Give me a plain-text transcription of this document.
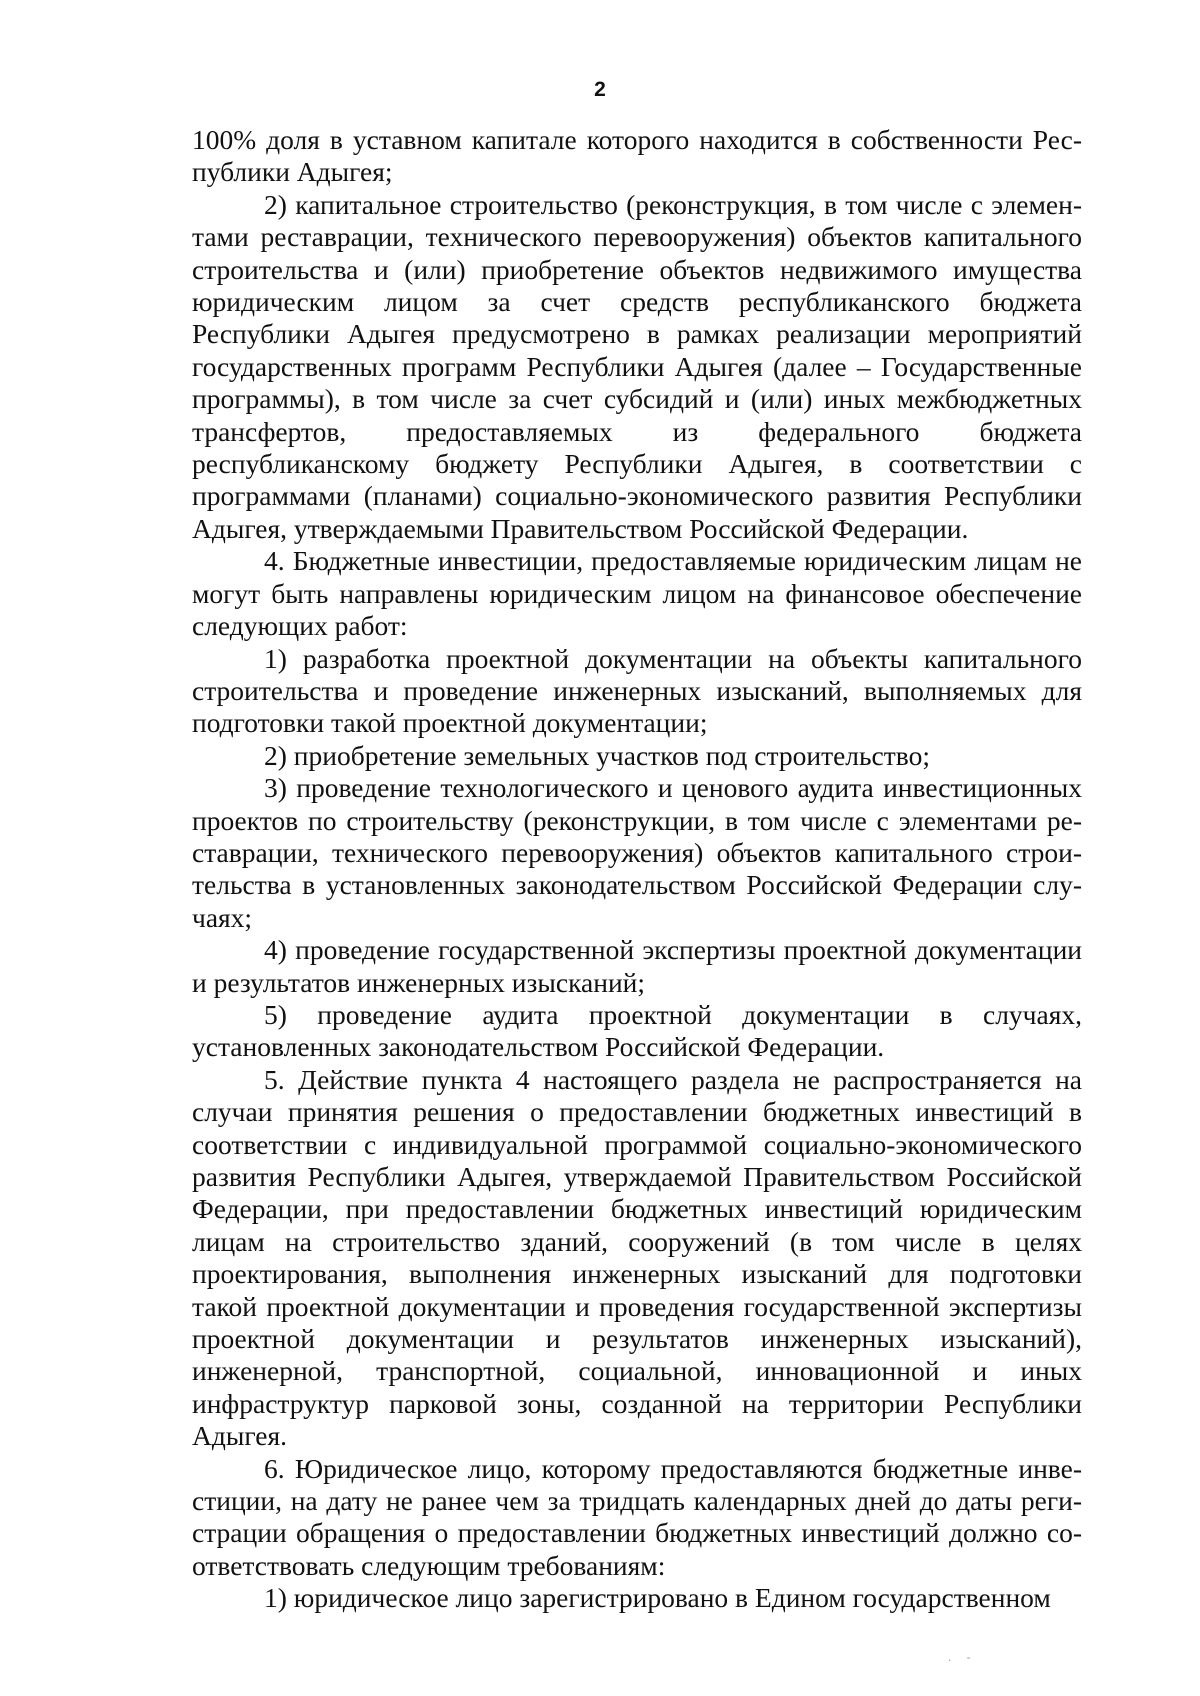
2

100% доля в уставном капитале которого находится в собственности Республики Адыгея;

2) капитальное строительство (реконструкция, в том числе с элементами реставрации, технического перевооружения) объектов капитального строительства и (или) приобретение объектов недвижимого имущества юридическим лицом за счет средств республиканского бюджета Республики Адыгея предусмотрено в рамках реализации мероприятий государственных программ Республики Адыгея (далее – Государственные программы), в том числе за счет субсидий и (или) иных межбюджетных трансфертов, предоставляемых из федерального бюджета республиканскому бюджету Республики Адыгея, в соответствии с программами (планами) социально-экономического развития Республики Адыгея, утверждаемыми Правительством Российской Федерации.

4. Бюджетные инвестиции, предоставляемые юридическим лицам не могут быть направлены юридическим лицом на финансовое обеспечение следующих работ:

1) разработка проектной документации на объекты капитального строительства и проведение инженерных изысканий, выполняемых для подготовки такой проектной документации;

2) приобретение земельных участков под строительство;

3) проведение технологического и ценового аудита инвестиционных проектов по строительству (реконструкции, в том числе с элементами реставрации, технического перевооружения) объектов капитального строительства в установленных законодательством Российской Федерации случаях;

4) проведение государственной экспертизы проектной документации и результатов инженерных изысканий;

5) проведение аудита проектной документации в случаях, установленных законодательством Российской Федерации.

5. Действие пункта 4 настоящего раздела не распространяется на случаи принятия решения о предоставлении бюджетных инвестиций в соответствии с индивидуальной программой социально-экономического развития Республики Адыгея, утверждаемой Правительством Российской Федерации, при предоставлении бюджетных инвестиций юридическим лицам на строительство зданий, сооружений (в том числе в целях проектирования, выполнения инженерных изысканий для подготовки такой проектной документации и проведения государственной экспертизы проектной документации и результатов инженерных изысканий), инженерной, транспортной, социальной, инновационной и иных инфраструктур парковой зоны, созданной на территории Республики Адыгея.

6. Юридическое лицо, которому предоставляются бюджетные инвестиции, на дату не ранее чем за тридцать календарных дней до даты регистрации обращения о предоставлении бюджетных инвестиций должно соответствовать следующим требованиям:

1) юридическое лицо зарегистрировано в Едином государственном

. -
